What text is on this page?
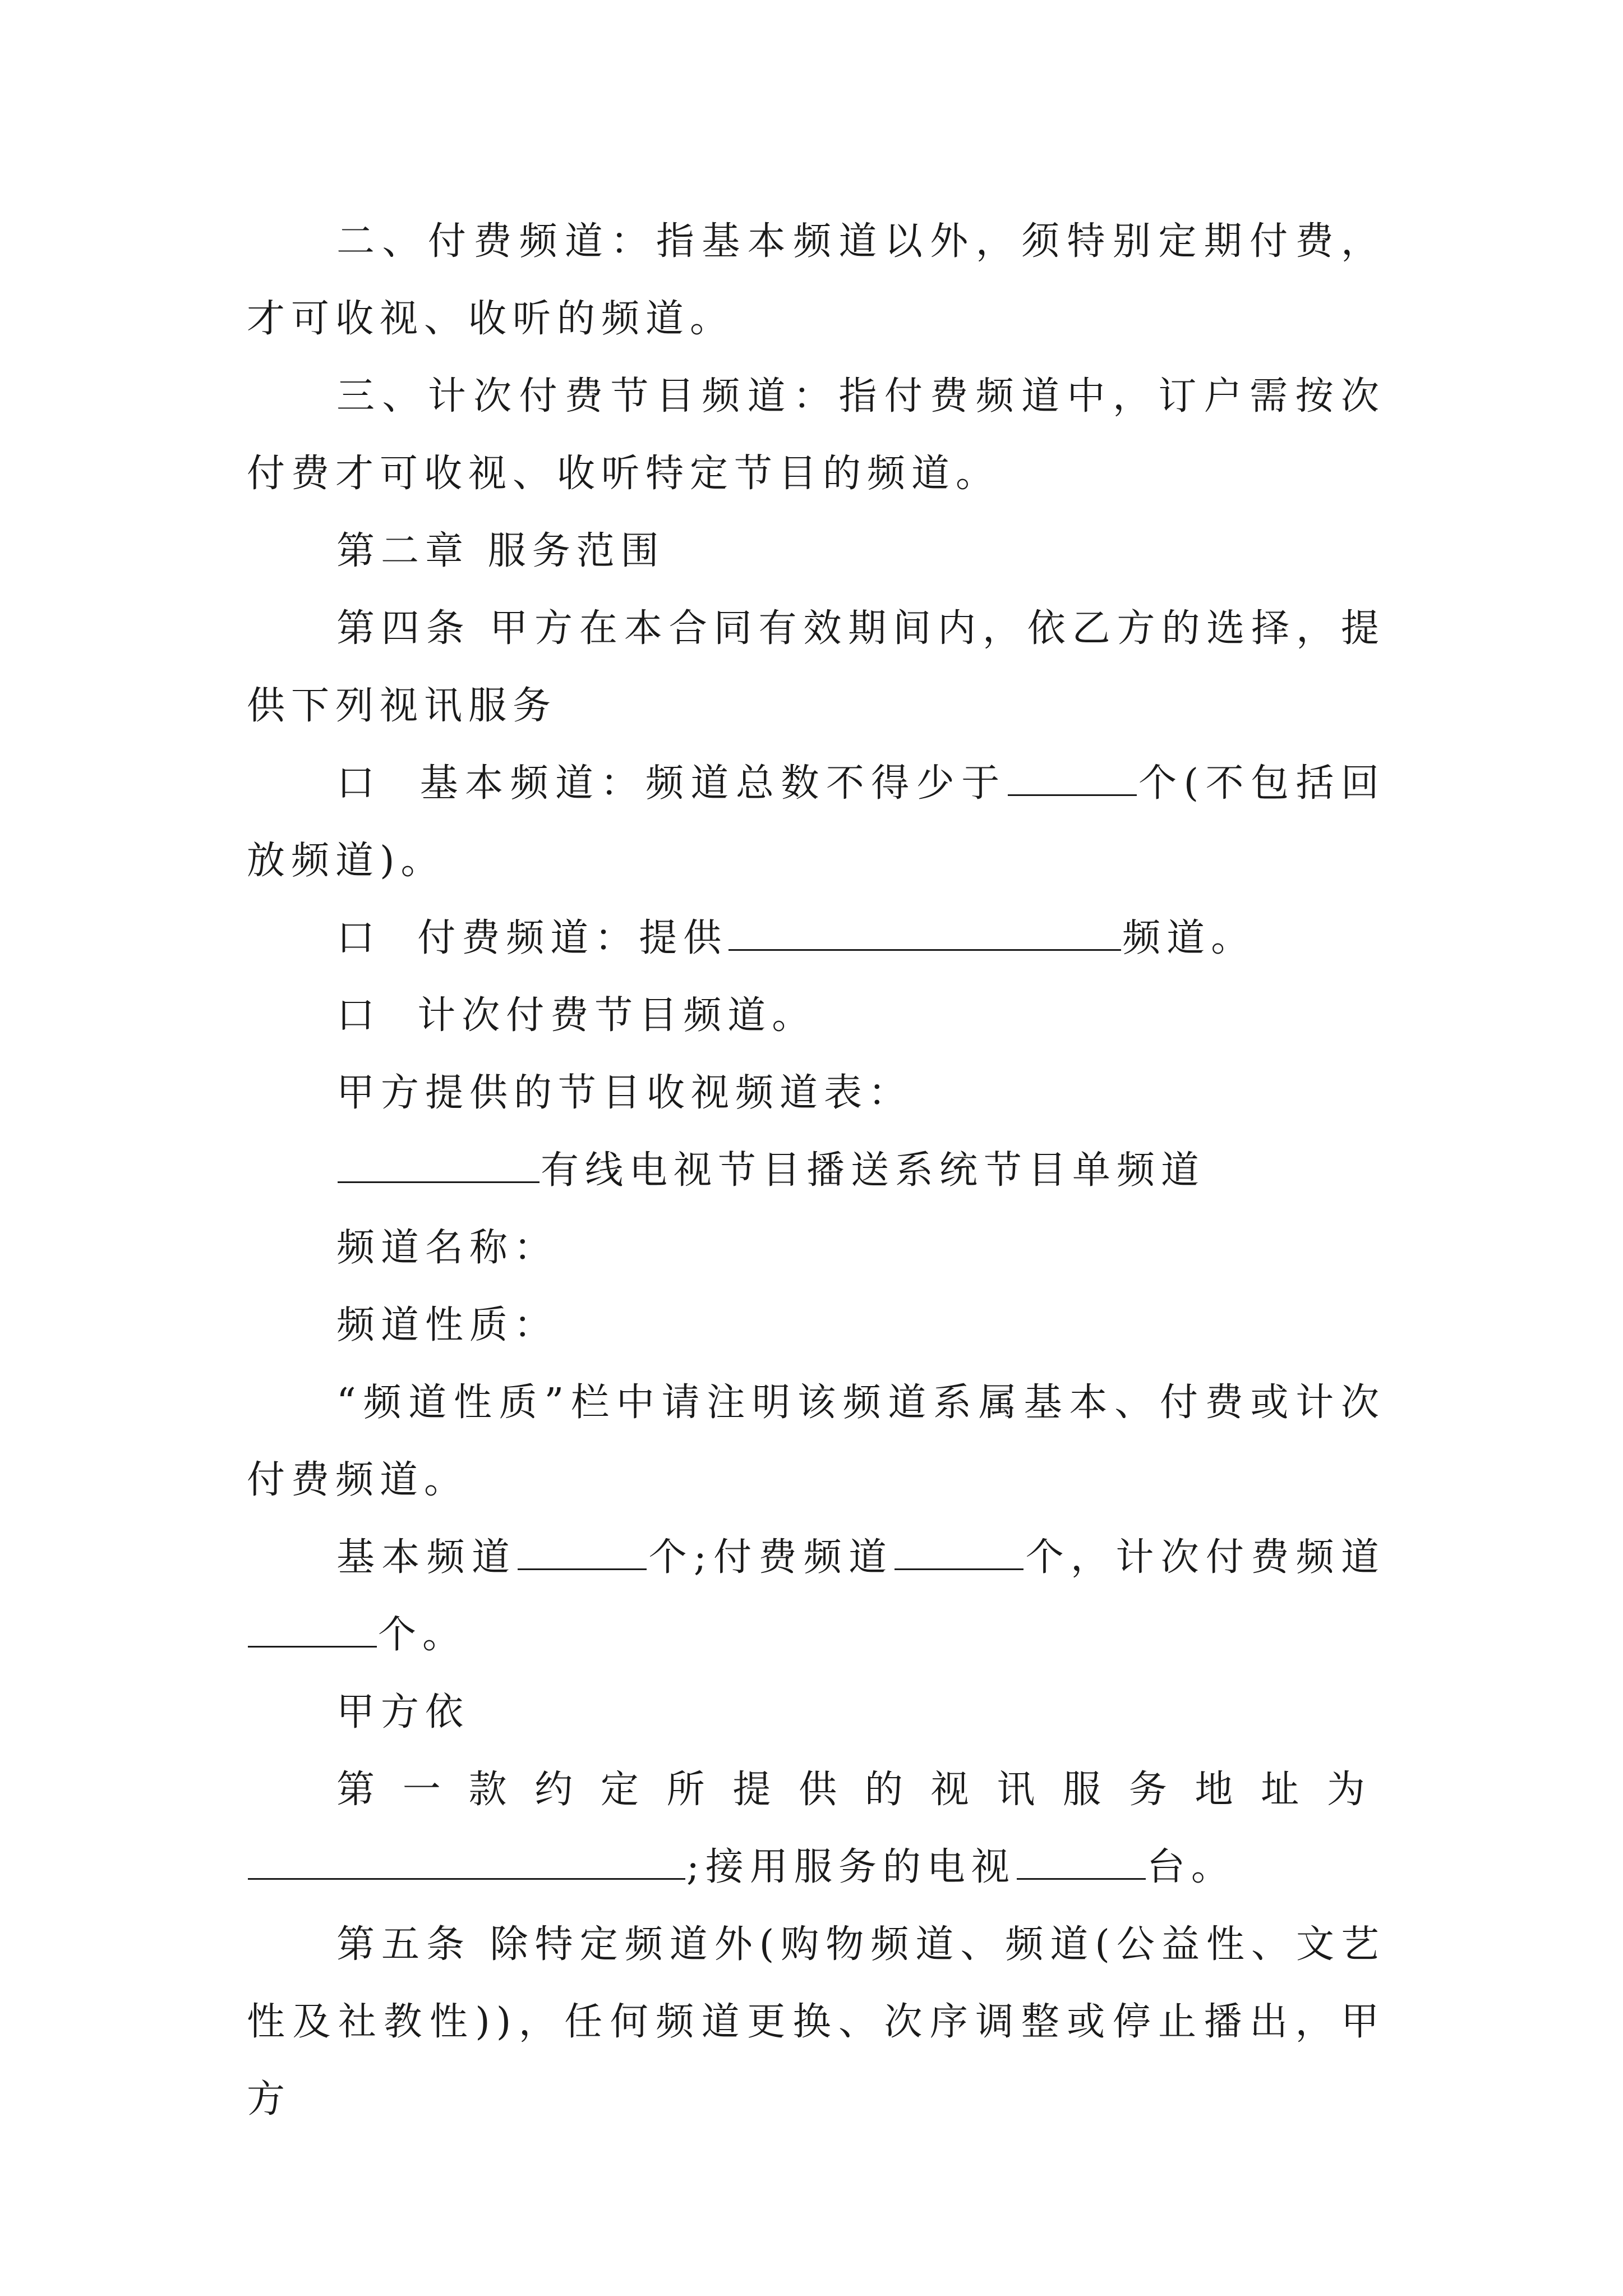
二、付费频道：指基本频道以外，须特别定期付费，才可收视、收听的频道。

三、计次付费节目频道：指付费频道中，订户需按次付费才可收视、收听特定节目的频道。

第二章 服务范围

第四条 甲方在本合同有效期间内，依乙方的选择，提供下列视讯服务

口 基本频道：频道总数不得少于	个(不包括回放频道)。

口 付费频道：提供	频道。

口 计次付费节目频道。

甲方提供的节目收视频道表：

有线电视节目播送系统节目单频道

频道名称：

频道性质：

“频道性质”栏中请注明该频道系属基本、付费或计次付费频道。

基本频道	个;付费频道	个，计次付费频道个。

甲方依

第一款约定所提供的视讯服务地址为

;接用服务的电视	台。

第五条 除特定频道外(购物频道、频道(公益性、文艺性及社教性))，任何频道更换、次序调整或停止播出，甲方
